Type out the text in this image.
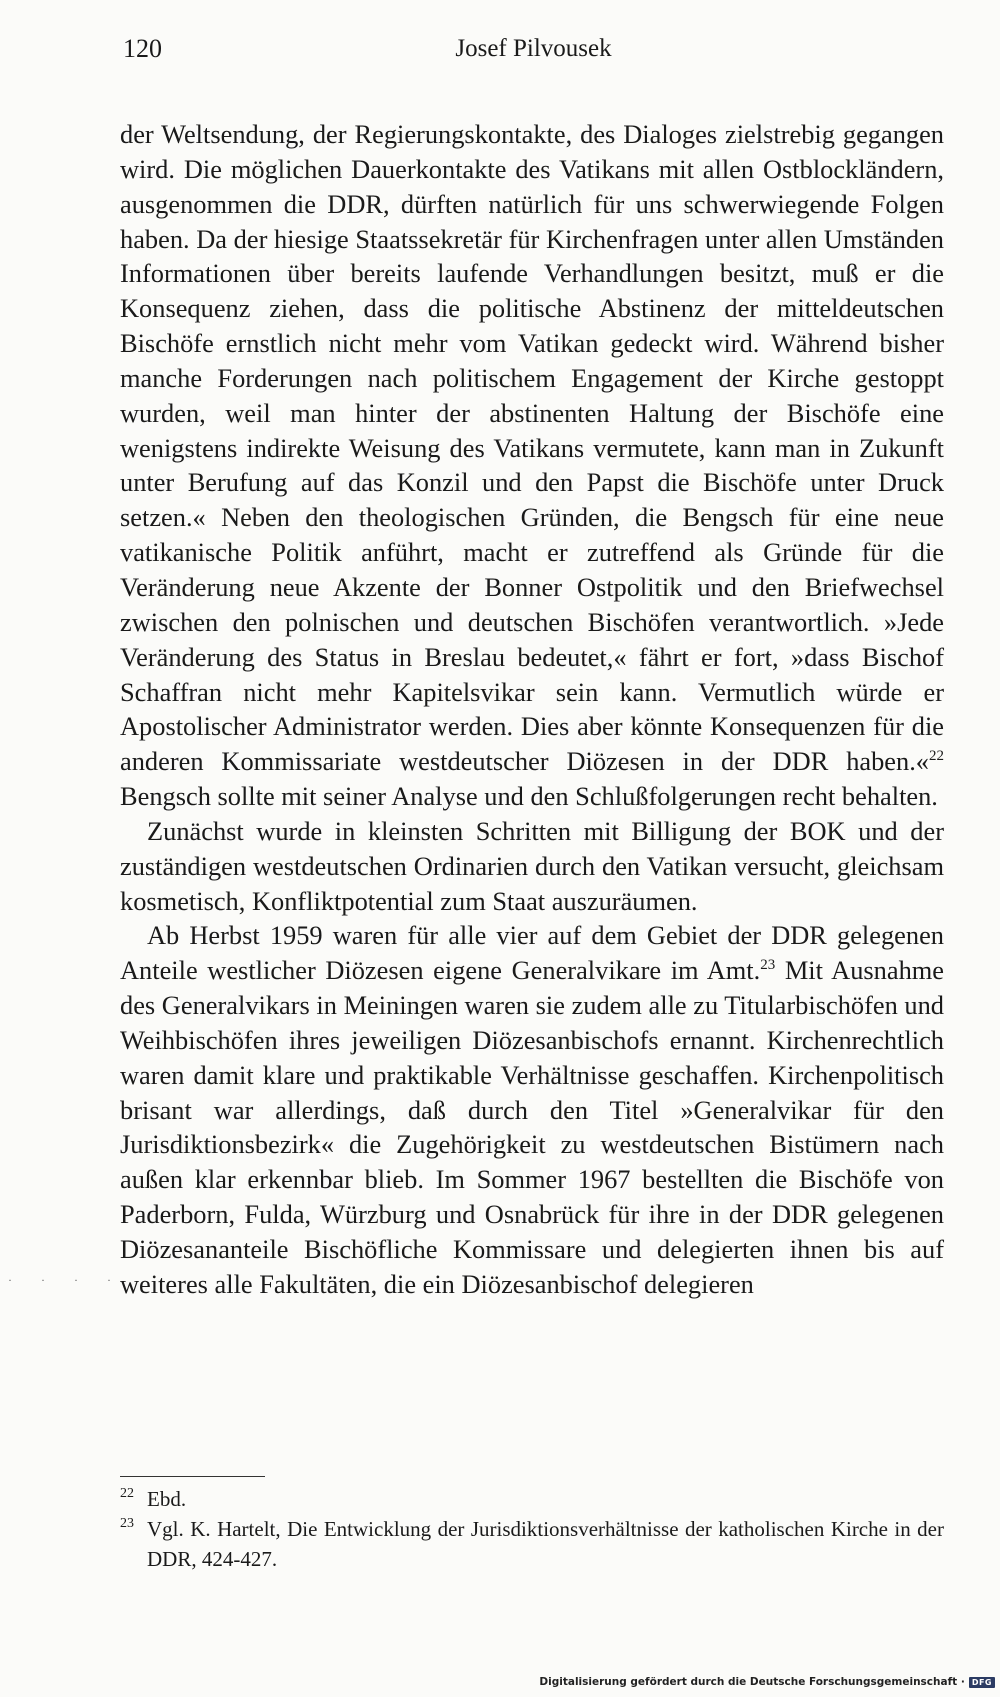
120	Josef Pilvousek

der Weltsendung, der Regierungskontakte, des Dialoges zielstrebig gegangen wird. Die möglichen Dauerkontakte des Vatikans mit allen Ostblockländern, ausgenommen die DDR, dürften natürlich für uns schwerwiegende Folgen haben. Da der hiesige Staatssekretär für Kirchenfragen unter allen Umständen Informationen über bereits laufende Verhandlungen besitzt, muß er die Konsequenz ziehen, dass die politische Abstinenz der mitteldeutschen Bischöfe ernstlich nicht mehr vom Vatikan gedeckt wird. Während bisher manche Forderungen nach politischem Engagement der Kirche gestoppt wurden, weil man hinter der abstinenten Haltung der Bischöfe eine wenigstens indirekte Weisung des Vatikans vermutete, kann man in Zukunft unter Berufung auf das Konzil und den Papst die Bischöfe unter Druck setzen.« Neben den theologischen Gründen, die Bengsch für eine neue vatikanische Politik anführt, macht er zutreffend als Gründe für die Veränderung neue Akzente der Bonner Ostpolitik und den Briefwechsel zwischen den polnischen und deutschen Bischöfen verantwortlich. »Jede Veränderung des Status in Breslau bedeutet,« fährt er fort, »dass Bischof Schaffran nicht mehr Kapitelsvikar sein kann. Vermutlich würde er Apostolischer Administrator werden. Dies aber könnte Konsequenzen für die anderen Kommissariate westdeutscher Diözesen in der DDR haben.«$^{22}$ Bengsch sollte mit seiner Analyse und den Schlußfolgerungen recht behalten.

Zunächst wurde in kleinsten Schritten mit Billigung der BOK und der zuständigen westdeutschen Ordinarien durch den Vatikan versucht, gleichsam kosmetisch, Konfliktpotential zum Staat auszuräumen.

Ab Herbst 1959 waren für alle vier auf dem Gebiet der DDR gelegenen Anteile westlicher Diözesen eigene Generalvikare im Amt.$^{23}$ Mit Ausnahme des Generalvikars in Meiningen waren sie zudem alle zu Titularbischöfen und Weihbischöfen ihres jeweiligen Diözesanbischofs ernannt. Kirchenrechtlich waren damit klare und praktikable Verhältnisse geschaffen. Kirchenpolitisch brisant war allerdings, daß durch den Titel »Generalvikar für den Jurisdiktionsbezirk« die Zugehörigkeit zu westdeutschen Bistümern nach außen klar erkennbar blieb. Im Sommer 1967 bestellten die Bischöfe von Paderborn, Fulda, Würzburg und Osnabrück für ihre in der DDR gelegenen Diözesananteile Bischöfliche Kommissare und delegierten ihnen bis auf weiteres alle Fakultäten, die ein Diözesanbischof delegieren

· · · ·
22 Ebd.
23 Vgl. K. Hartelt, Die Entwicklung der Jurisdiktionsverhältnisse der katholischen Kirche in der DDR, 424-427.
Digitalisierung gefördert durch die Deutsche Forschungsgemeinschaft · DFG
